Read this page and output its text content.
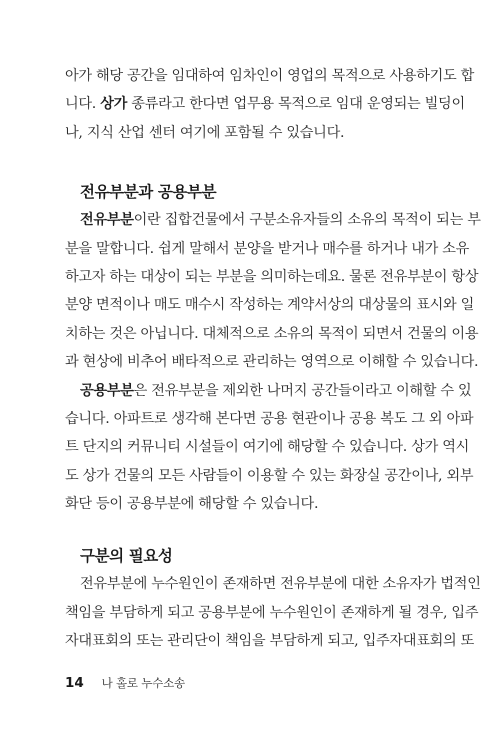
아가 해당 공간을 임대하여 임차인이 영업의 목적으로 사용하기도 합
니다. 상가 종류라고 한다면 업무용 목적으로 임대 운영되는 빌딩이
나, 지식 산업 센터 여기에 포함될 수 있습니다.
전유부분과 공용부분
전유부분이란 집합건물에서 구분소유자들의 소유의 목적이 되는 부
분을 말합니다. 쉽게 말해서 분양을 받거나 매수를 하거나 내가 소유
하고자 하는 대상이 되는 부분을 의미하는데요. 물론 전유부분이 항상
분양 면적이나 매도 매수시 작성하는 계약서상의 대상물의 표시와 일
치하는 것은 아닙니다. 대체적으로 소유의 목적이 되면서 건물의 이용
과 현상에 비추어 배타적으로 관리하는 영역으로 이해할 수 있습니다.
공용부분은 전유부분을 제외한 나머지 공간들이라고 이해할 수 있
습니다. 아파트로 생각해 본다면 공용 현관이나 공용 복도 그 외 아파
트 단지의 커뮤니티 시설들이 여기에 해당할 수 있습니다. 상가 역시
도 상가 건물의 모든 사람들이 이용할 수 있는 화장실 공간이나, 외부
화단 등이 공용부분에 해당할 수 있습니다.
구분의 필요성
전유부분에 누수원인이 존재하면 전유부분에 대한 소유자가 법적인
책임을 부담하게 되고 공용부분에 누수원인이 존재하게 될 경우, 입주
자대표회의 또는 관리단이 책임을 부담하게 되고, 입주자대표회의 또
14 나 홀로 누수소송
